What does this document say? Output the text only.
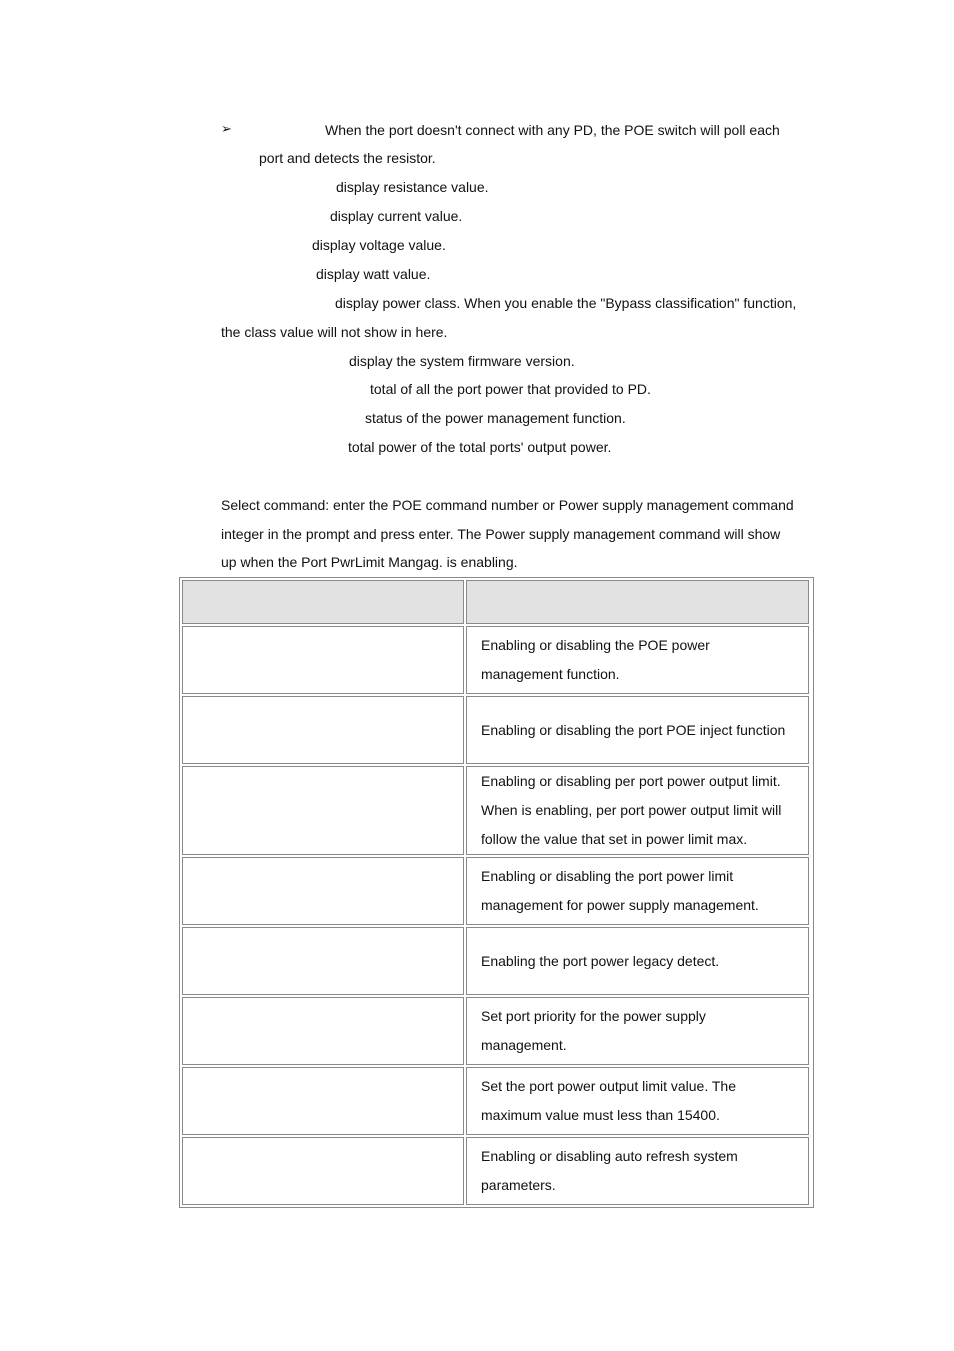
➢	When the port doesn't connect with any PD, the POE switch will poll each
port and detects the resistor.
display resistance value.
display current value.
display voltage value.
display watt value.
display power class. When you enable the "Bypass classification" function,
the class value will not show in here.
display the system firmware version.
total of all the port power that provided to PD.
status of the power management function.
total power of the total ports' output power.
Select command: enter the POE command number or Power supply management command
integer in the prompt and press enter. The Power supply management command will show
up when the Port PwrLimit Mangag. is enabling.

	Enabling or disabling the POE power
management function.

	Enabling or disabling the port POE inject function

	Enabling or disabling per port power output limit.
When is enabling, per port power output limit will
follow the value that set in power limit max.

	Enabling or disabling the port power limit
management for power supply management.

	Enabling the port power legacy detect.

	Set port priority for the power supply
management.

	Set the port power output limit value. The
maximum value must less than 15400.

	Enabling or disabling auto refresh system
parameters.
